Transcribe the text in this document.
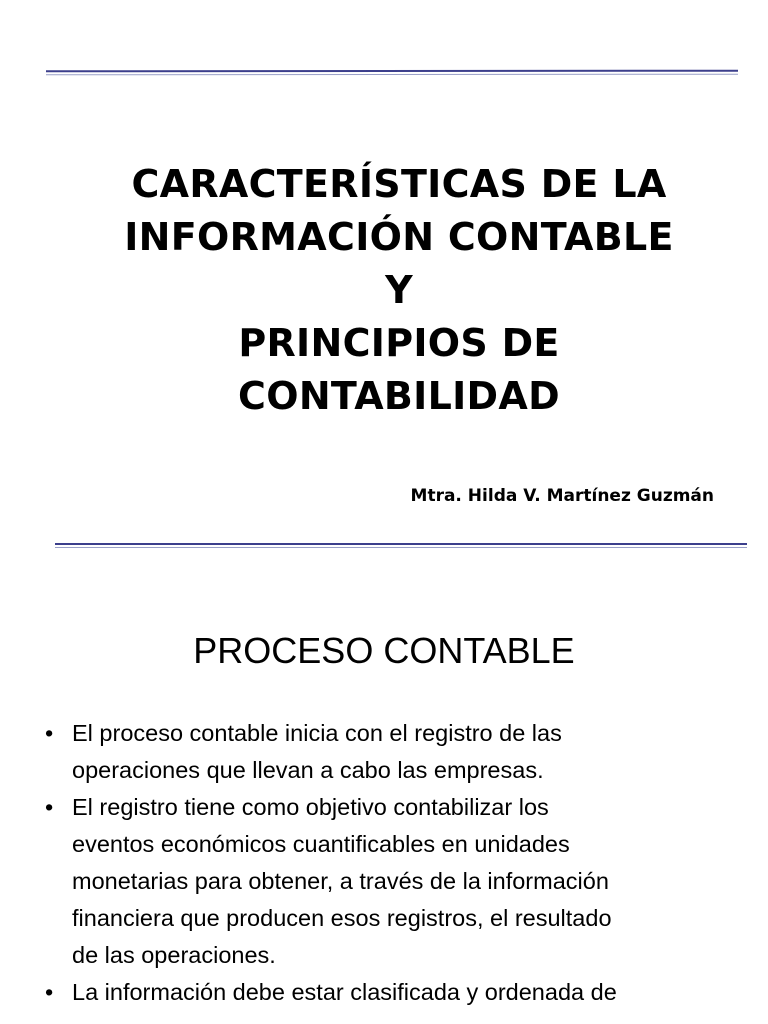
CARACTERÍSTICAS DE LA
INFORMACIÓN CONTABLE
Y
PRINCIPIOS DE
CONTABILIDAD
Mtra. Hilda V. Martínez Guzmán
PROCESO CONTABLE
• El proceso contable inicia con el registro de las
operaciones que llevan a cabo las empresas.
• El registro tiene como objetivo contabilizar los
eventos económicos cuantificables en unidades
monetarias para obtener, a través de la información
financiera que producen esos registros, el resultado
de las operaciones.
• La información debe estar clasificada y ordenada de
